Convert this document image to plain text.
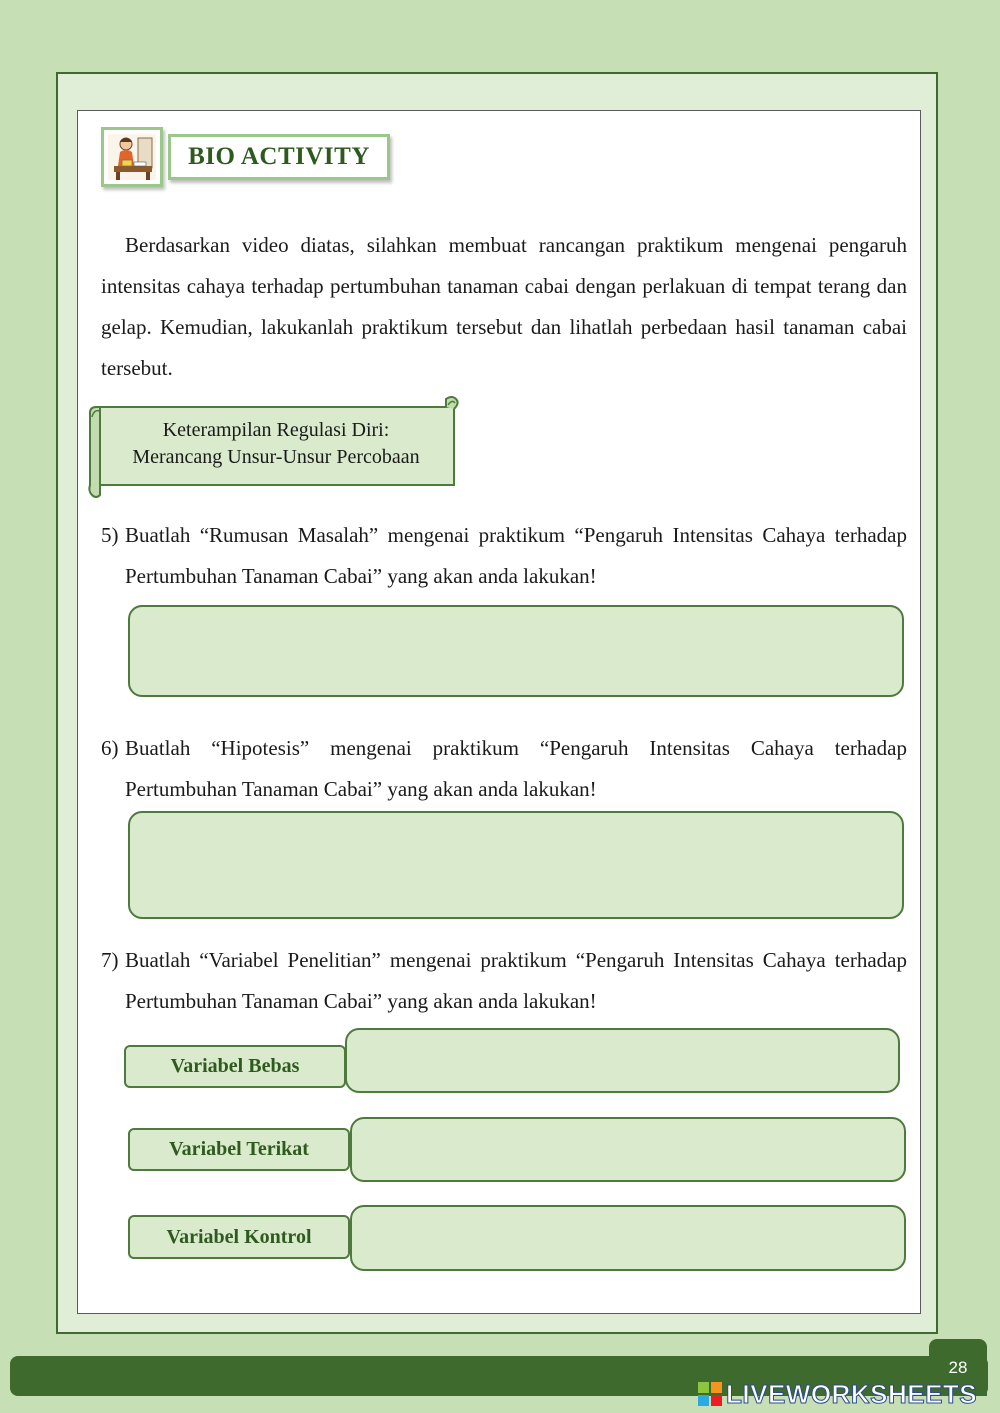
BIO ACTIVITY

Berdasarkan video diatas, silahkan membuat rancangan praktikum mengenai pengaruh intensitas cahaya terhadap pertumbuhan tanaman cabai dengan perlakuan di tempat terang dan gelap. Kemudian, lakukanlah praktikum tersebut dan lihatlah perbedaan hasil tanaman cabai tersebut.

Keterampilan Regulasi Diri:
Merancang Unsur-Unsur Percobaan
5) Buatlah “Rumusan Masalah” mengenai praktikum “Pengaruh Intensitas Cahaya terhadap Pertumbuhan Tanaman Cabai” yang akan anda lakukan!
6) Buatlah “Hipotesis” mengenai praktikum “Pengaruh Intensitas Cahaya terhadap Pertumbuhan Tanaman Cabai” yang akan anda lakukan!
7) Buatlah “Variabel Penelitian” mengenai praktikum “Pengaruh Intensitas Cahaya terhadap Pertumbuhan Tanaman Cabai” yang akan anda lakukan!
Variabel Bebas
Variabel Terikat
Variabel Kontrol
28
LIVEWORKSHEETS
